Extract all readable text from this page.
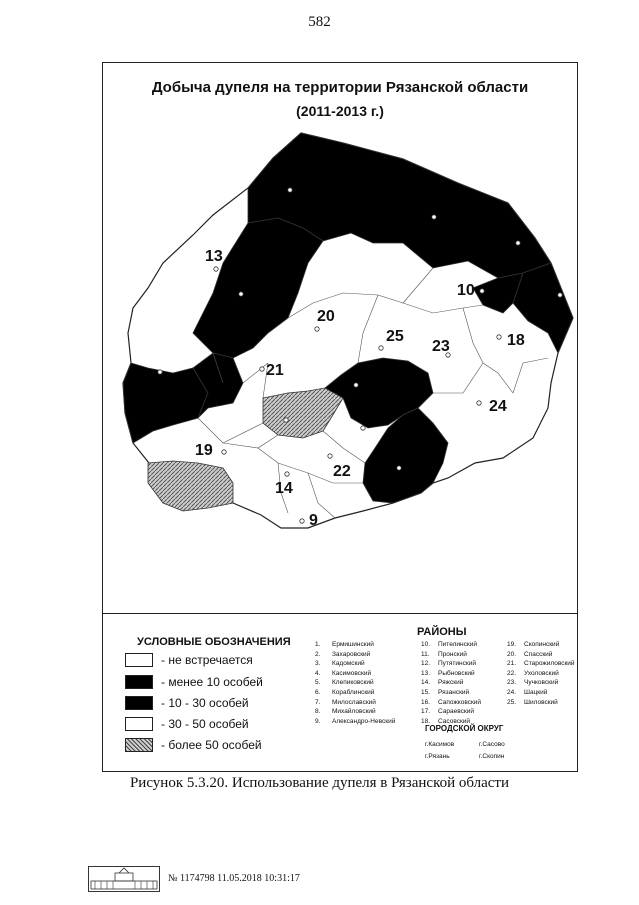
582
Добыча дупеля на территории Рязанской области
(2011-2013 г.)
13
10
20
25
23	18
21
24
19
22
14
9
УСЛОВНЫЕ ОБОЗНАЧЕНИЯ
- не встречается
- менее 10 особей
- 10 - 30 особей
- 30 - 50 особей
- более 50 особей
РАЙОНЫ
1. Ермишинский
2. Захаровский
3. Кадомский
4. Касимовский
5. Клепиковский
6. Кораблинский
7. Милославский
8. Михайловский
9. Александро-Невский
10. Пителинский
11. Пронский
12. Путятинский
13. Рыбновский
14. Ряжский
15. Рязанский
16. Сапожковский
17. Сараевский
18. Сасовский
19. Скопинский
20. Спасский
21. Старожиловский
22. Ухоловский
23. Чучковский
24. Шацкий
25. Шиловский
ГОРОДСКОЙ ОКРУГ
г.Касимов	г.Сасово
г.Рязань	г.Скопин
Рисунок 5.3.20. Использование дупеля в Рязанской области
№ 1174798 11.05.2018 10:31:17
